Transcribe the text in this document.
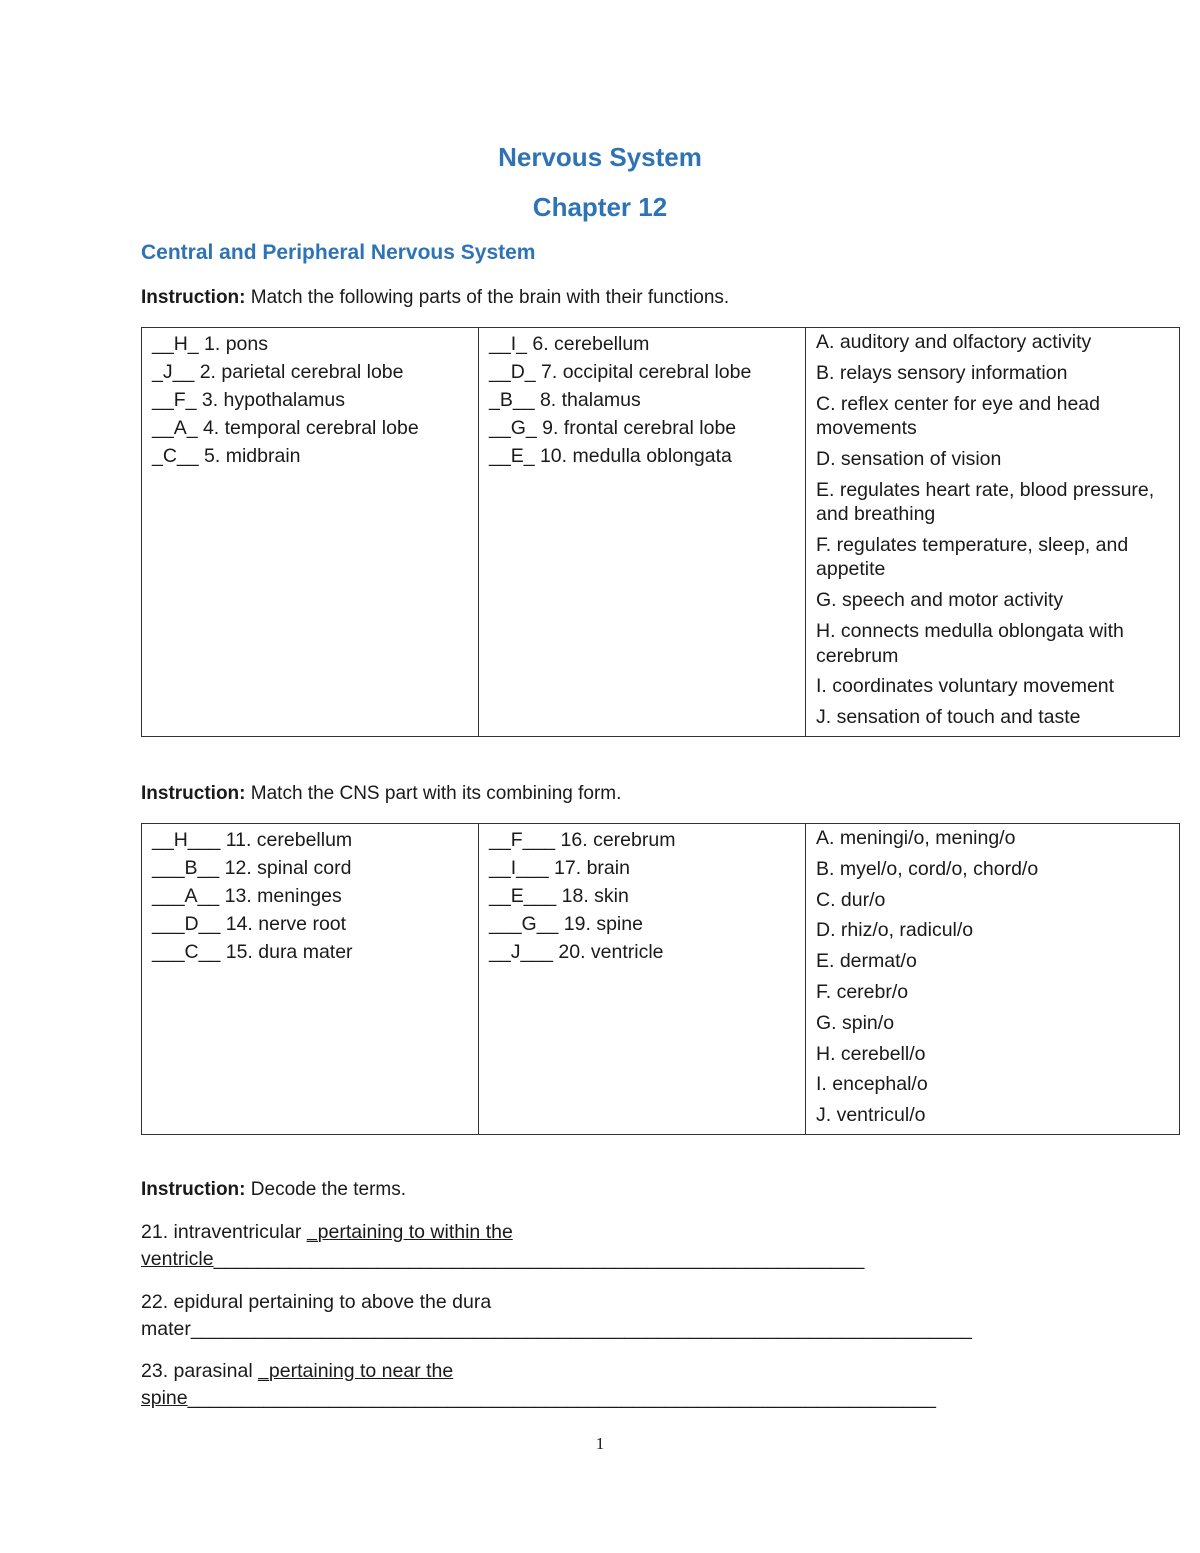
Nervous System
Chapter 12
Central and Peripheral Nervous System
Instruction: Match the following parts of the brain with their functions.
__H_ 1. pons
_J__ 2. parietal cerebral lobe
__F_ 3. hypothalamus
__A_ 4. temporal cerebral lobe
_C__ 5. midbrain

__I_ 6. cerebellum
__D_ 7. occipital cerebral lobe
_B__ 8. thalamus
__G_ 9. frontal cerebral lobe
__E_ 10. medulla oblongata

A. auditory and olfactory activity
B. relays sensory information
C. reflex center for eye and head movements
D. sensation of vision
E. regulates heart rate, blood pressure, and breathing
F. regulates temperature, sleep, and appetite
G. speech and motor activity
H. connects medulla oblongata with cerebrum
I. coordinates voluntary movement
J. sensation of touch and taste
Instruction: Match the CNS part with its combining form.
__H___ 11. cerebellum
___B__ 12. spinal cord
___A__ 13. meninges
___D__ 14. nerve root
___C__ 15. dura mater

__F___ 16. cerebrum
__I___ 17. brain
__E___ 18. skin
___G__ 19. spine
__J___ 20. ventricle

A. meningi/o, mening/o
B. myel/o, cord/o, chord/o
C. dur/o
D. rhiz/o, radicul/o
E. dermat/o
F. cerebr/o
G. spin/o
H. cerebell/o
I. encephal/o
J. ventricul/o
Instruction: Decode the terms.
21. intraventricular _pertaining to within the
ventricle____________________________________________________________
22. epidural pertaining to above the dura
mater________________________________________________________________________
23. parasinal _pertaining to near the
spine_____________________________________________________________________
1
